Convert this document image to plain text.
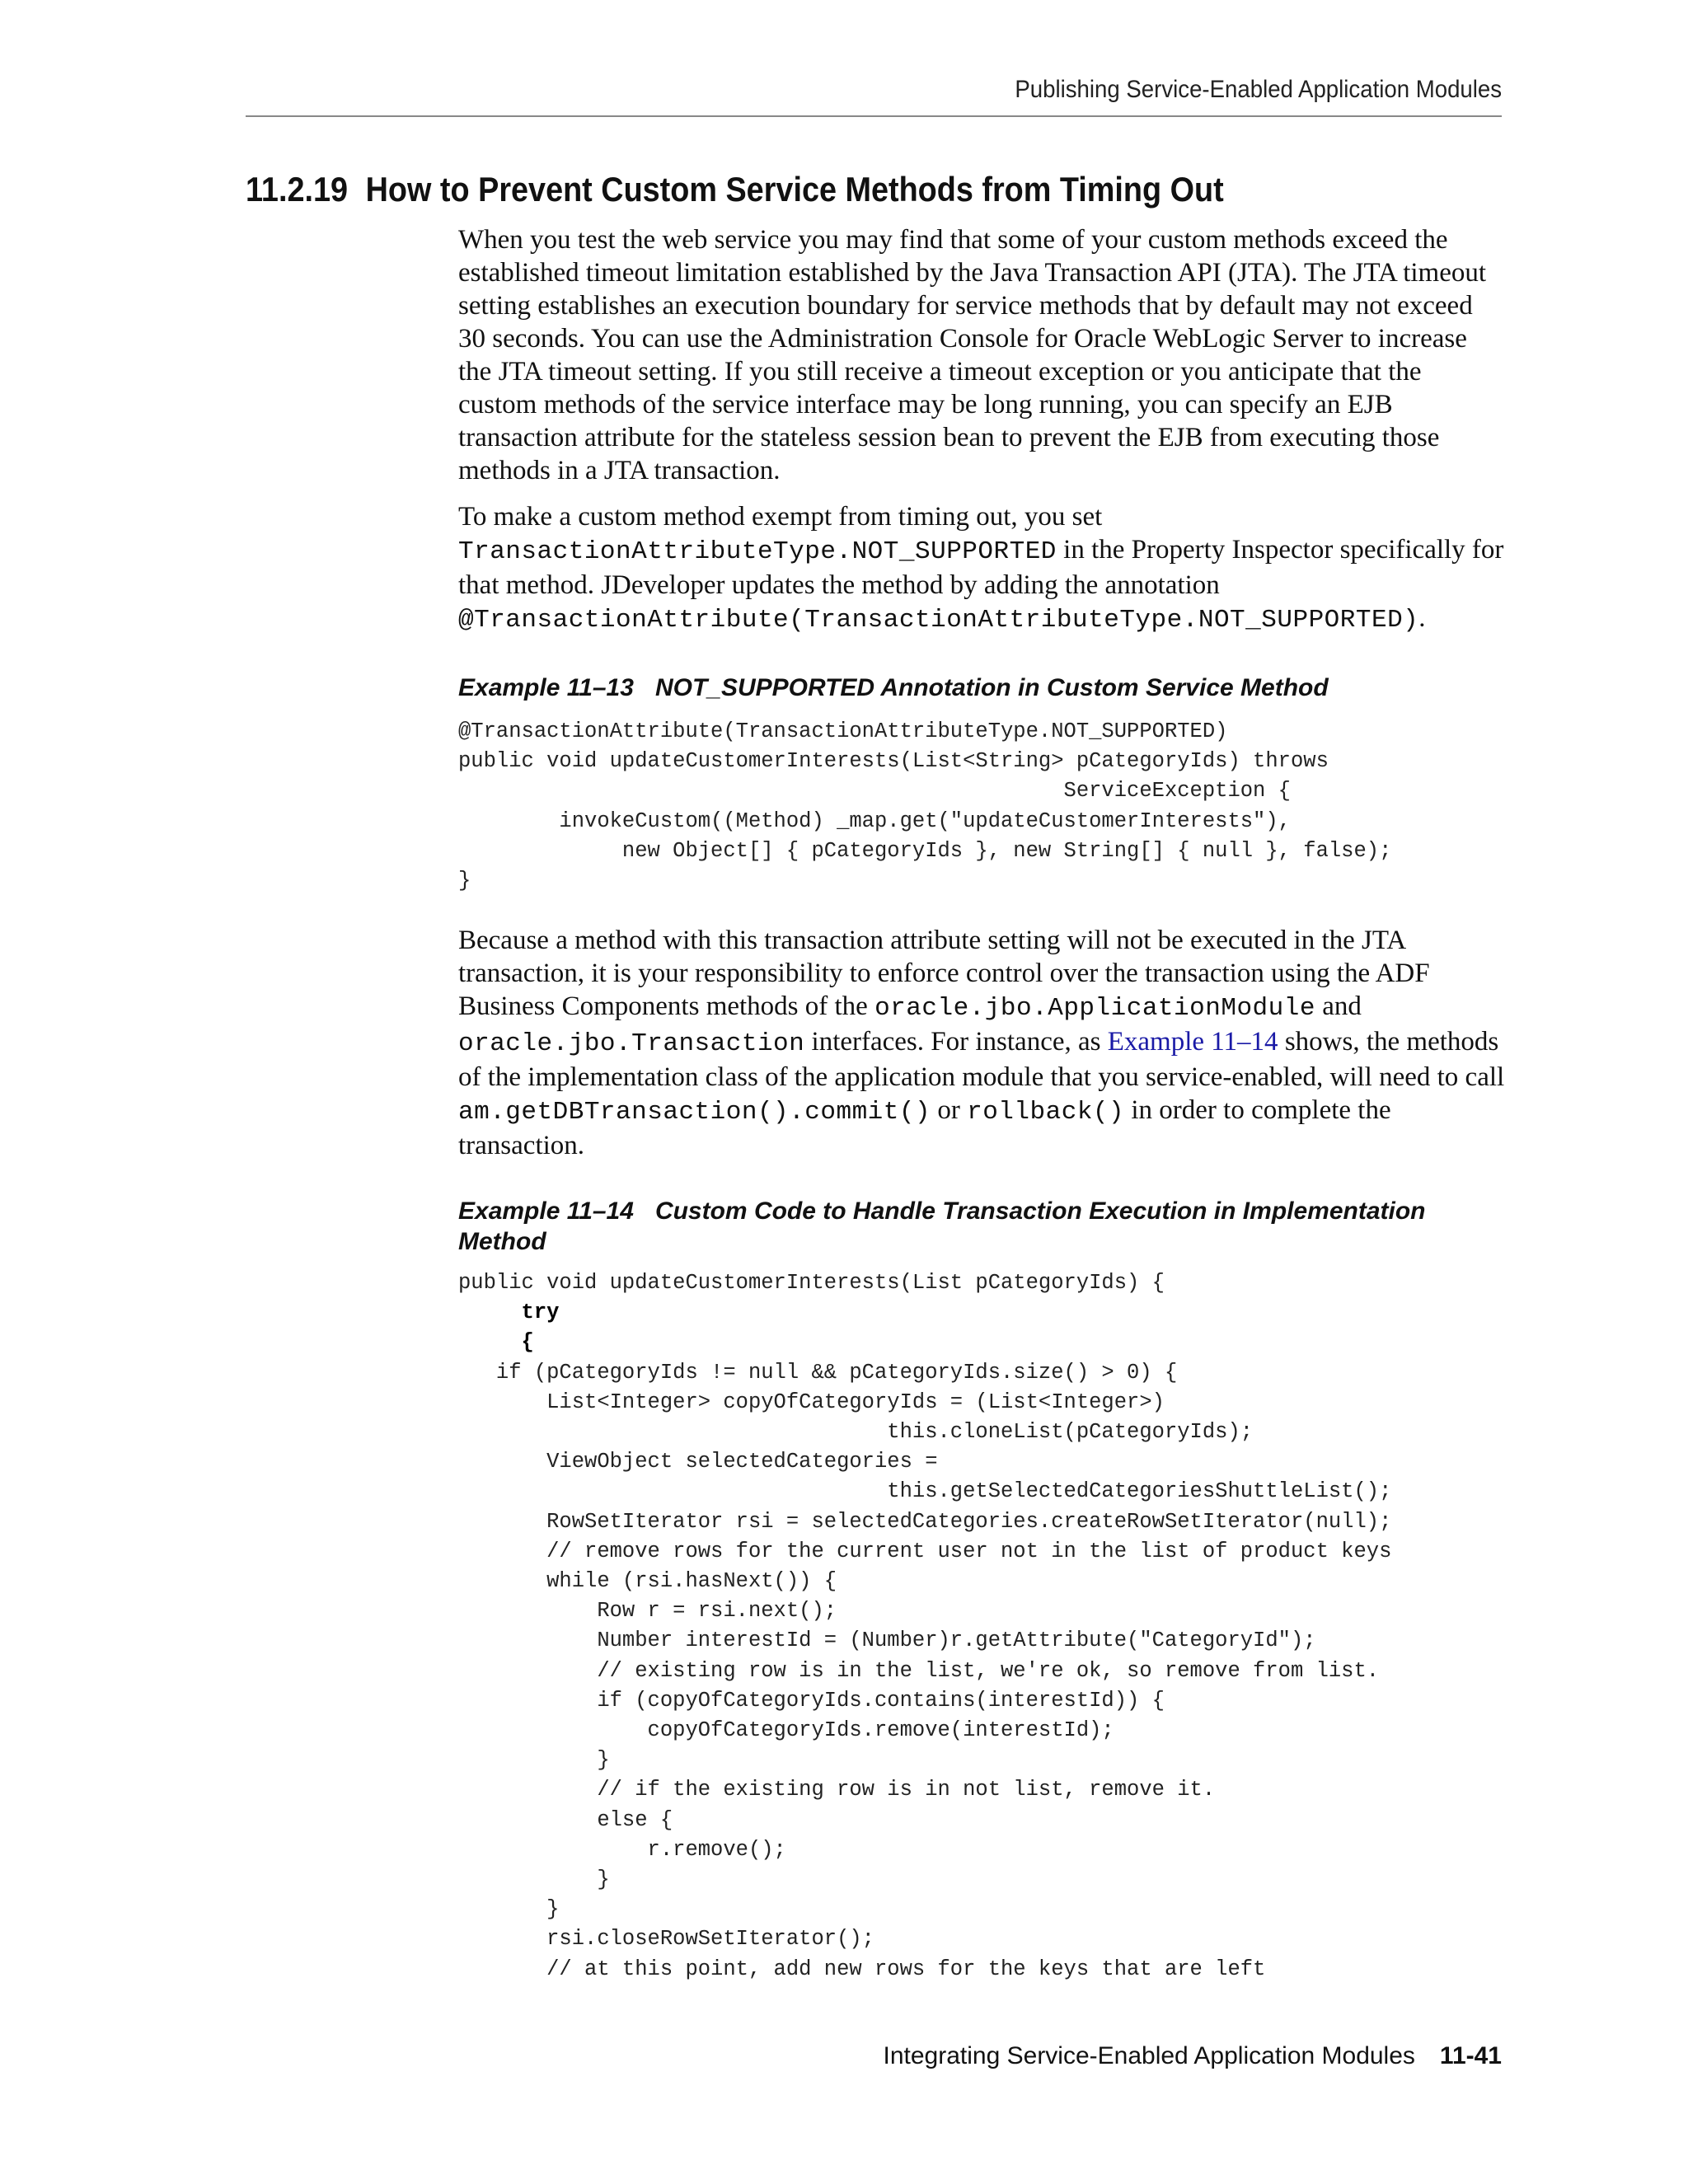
Publishing Service-Enabled Application Modules
11.2.19 How to Prevent Custom Service Methods from Timing Out

When you test the web service you may find that some of your custom methods exceed the established timeout limitation established by the Java Transaction API (JTA). The JTA timeout setting establishes an execution boundary for service methods that by default may not exceed 30 seconds. You can use the Administration Console for Oracle WebLogic Server to increase the JTA timeout setting. If you still receive a timeout exception or you anticipate that the custom methods of the service interface may be long running, you can specify an EJB transaction attribute for the stateless session bean to prevent the EJB from executing those methods in a JTA transaction.

To make a custom method exempt from timing out, you set TransactionAttributeType.NOT_SUPPORTED in the Property Inspector specifically for that method. JDeveloper updates the method by adding the annotation @TransactionAttribute(TransactionAttributeType.NOT_SUPPORTED).

Example 11–13 NOT_SUPPORTED Annotation in Custom Service Method
@TransactionAttribute(TransactionAttributeType.NOT_SUPPORTED)
public void updateCustomerInterests(List<String> pCategoryIds) throws
ServiceException {
invokeCustom((Method) _map.get("updateCustomerInterests"),
new Object[] { pCategoryIds }, new String[] { null }, false);
}

Because a method with this transaction attribute setting will not be executed in the JTA transaction, it is your responsibility to enforce control over the transaction using the ADF Business Components methods of the oracle.jbo.ApplicationModule and oracle.jbo.Transaction interfaces. For instance, as Example 11–14 shows, the methods of the implementation class of the application module that you service-enabled, will need to call am.getDBTransaction().commit() or rollback() in order to complete the transaction.

Example 11–14 Custom Code to Handle Transaction Execution in Implementation Method
public void updateCustomerInterests(List pCategoryIds) {
try
{
if (pCategoryIds != null && pCategoryIds.size() > 0) {
List<Integer> copyOfCategoryIds = (List<Integer>)
this.cloneList(pCategoryIds);
ViewObject selectedCategories =
this.getSelectedCategoriesShuttleList();
RowSetIterator rsi = selectedCategories.createRowSetIterator(null);
// remove rows for the current user not in the list of product keys
while (rsi.hasNext()) {
Row r = rsi.next();
Number interestId = (Number)r.getAttribute("CategoryId");
// existing row is in the list, we're ok, so remove from list.
if (copyOfCategoryIds.contains(interestId)) {
copyOfCategoryIds.remove(interestId);
}
// if the existing row is in not list, remove it.
else {
r.remove();
}
}
rsi.closeRowSetIterator();
// at this point, add new rows for the keys that are left
Integrating Service-Enabled Application Modules 11-41
